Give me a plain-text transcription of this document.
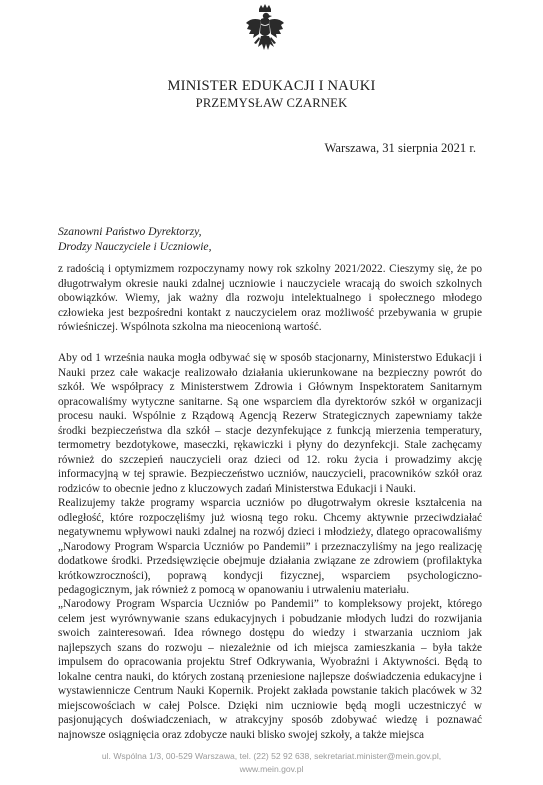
MINISTER EDUKACJI I NAUKI
PRZEMYSŁAW CZARNEK
Warszawa, 31 sierpnia 2021 r.
Szanowni Państwo Dyrektorzy,
Drodzy Nauczyciele i Uczniowie,

z radością i optymizmem rozpoczynamy nowy rok szkolny 2021/2022. Cieszymy się, że po długotrwałym okresie nauki zdalnej uczniowie i nauczyciele wracają do swoich szkolnych obowiązków. Wiemy, jak ważny dla rozwoju intelektualnego i społecznego młodego człowieka jest bezpośredni kontakt z nauczycielem oraz możliwość przebywania w grupie rówieśniczej. Wspólnota szkolna ma nieocenioną wartość.

Aby od 1 września nauka mogła odbywać się w sposób stacjonarny, Ministerstwo Edukacji i Nauki przez całe wakacje realizowało działania ukierunkowane na bezpieczny powrót do szkół. We współpracy z Ministerstwem Zdrowia i Głównym Inspektoratem Sanitarnym opracowaliśmy wytyczne sanitarne. Są one wsparciem dla dyrektorów szkół w organizacji procesu nauki. Wspólnie z Rządową Agencją Rezerw Strategicznych zapewniamy także środki bezpieczeństwa dla szkół – stacje dezynfekujące z funkcją mierzenia temperatury, termometry bezdotykowe, maseczki, rękawiczki i płyny do dezynfekcji. Stale zachęcamy również do szczepień nauczycieli oraz dzieci od 12. roku życia i prowadzimy akcję informacyjną w tej sprawie. Bezpieczeństwo uczniów, nauczycieli, pracowników szkół oraz rodziców to obecnie jedno z kluczowych zadań Ministerstwa Edukacji i Nauki.

Realizujemy także programy wsparcia uczniów po długotrwałym okresie kształcenia na odległość, które rozpoczęliśmy już wiosną tego roku. Chcemy aktywnie przeciwdziałać negatywnemu wpływowi nauki zdalnej na rozwój dzieci i młodzieży, dlatego opracowaliśmy „Narodowy Program Wsparcia Uczniów po Pandemii” i przeznaczyliśmy na jego realizację dodatkowe środki. Przedsięwzięcie obejmuje działania związane ze zdrowiem (profilaktyka krótkowzroczności), poprawą kondycji fizycznej, wsparciem psychologiczno-pedagogicznym, jak również z pomocą w opanowaniu i utrwaleniu materiału.

„Narodowy Program Wsparcia Uczniów po Pandemii” to kompleksowy projekt, którego celem jest wyrównywanie szans edukacyjnych i pobudzanie młodych ludzi do rozwijania swoich zainteresowań. Idea równego dostępu do wiedzy i stwarzania uczniom jak najlepszych szans do rozwoju – niezależnie od ich miejsca zamieszkania – była także impulsem do opracowania projektu Stref Odkrywania, Wyobraźni i Aktywności. Będą to lokalne centra nauki, do których zostaną przeniesione najlepsze doświadczenia edukacyjne i wystawiennicze Centrum Nauki Kopernik. Projekt zakłada powstanie takich placówek w 32 miejscowościach w całej Polsce. Dzięki nim uczniowie będą mogli uczestniczyć w pasjonujących doświadczeniach, w atrakcyjny sposób zdobywać wiedzę i poznawać najnowsze osiągnięcia oraz zdobycze nauki blisko swojej szkoły, a także miejsca

ul. Wspólna 1/3, 00-529 Warszawa, tel. (22) 52 92 638, sekretariat.minister@mein.gov.pl,
www.mein.gov.pl
